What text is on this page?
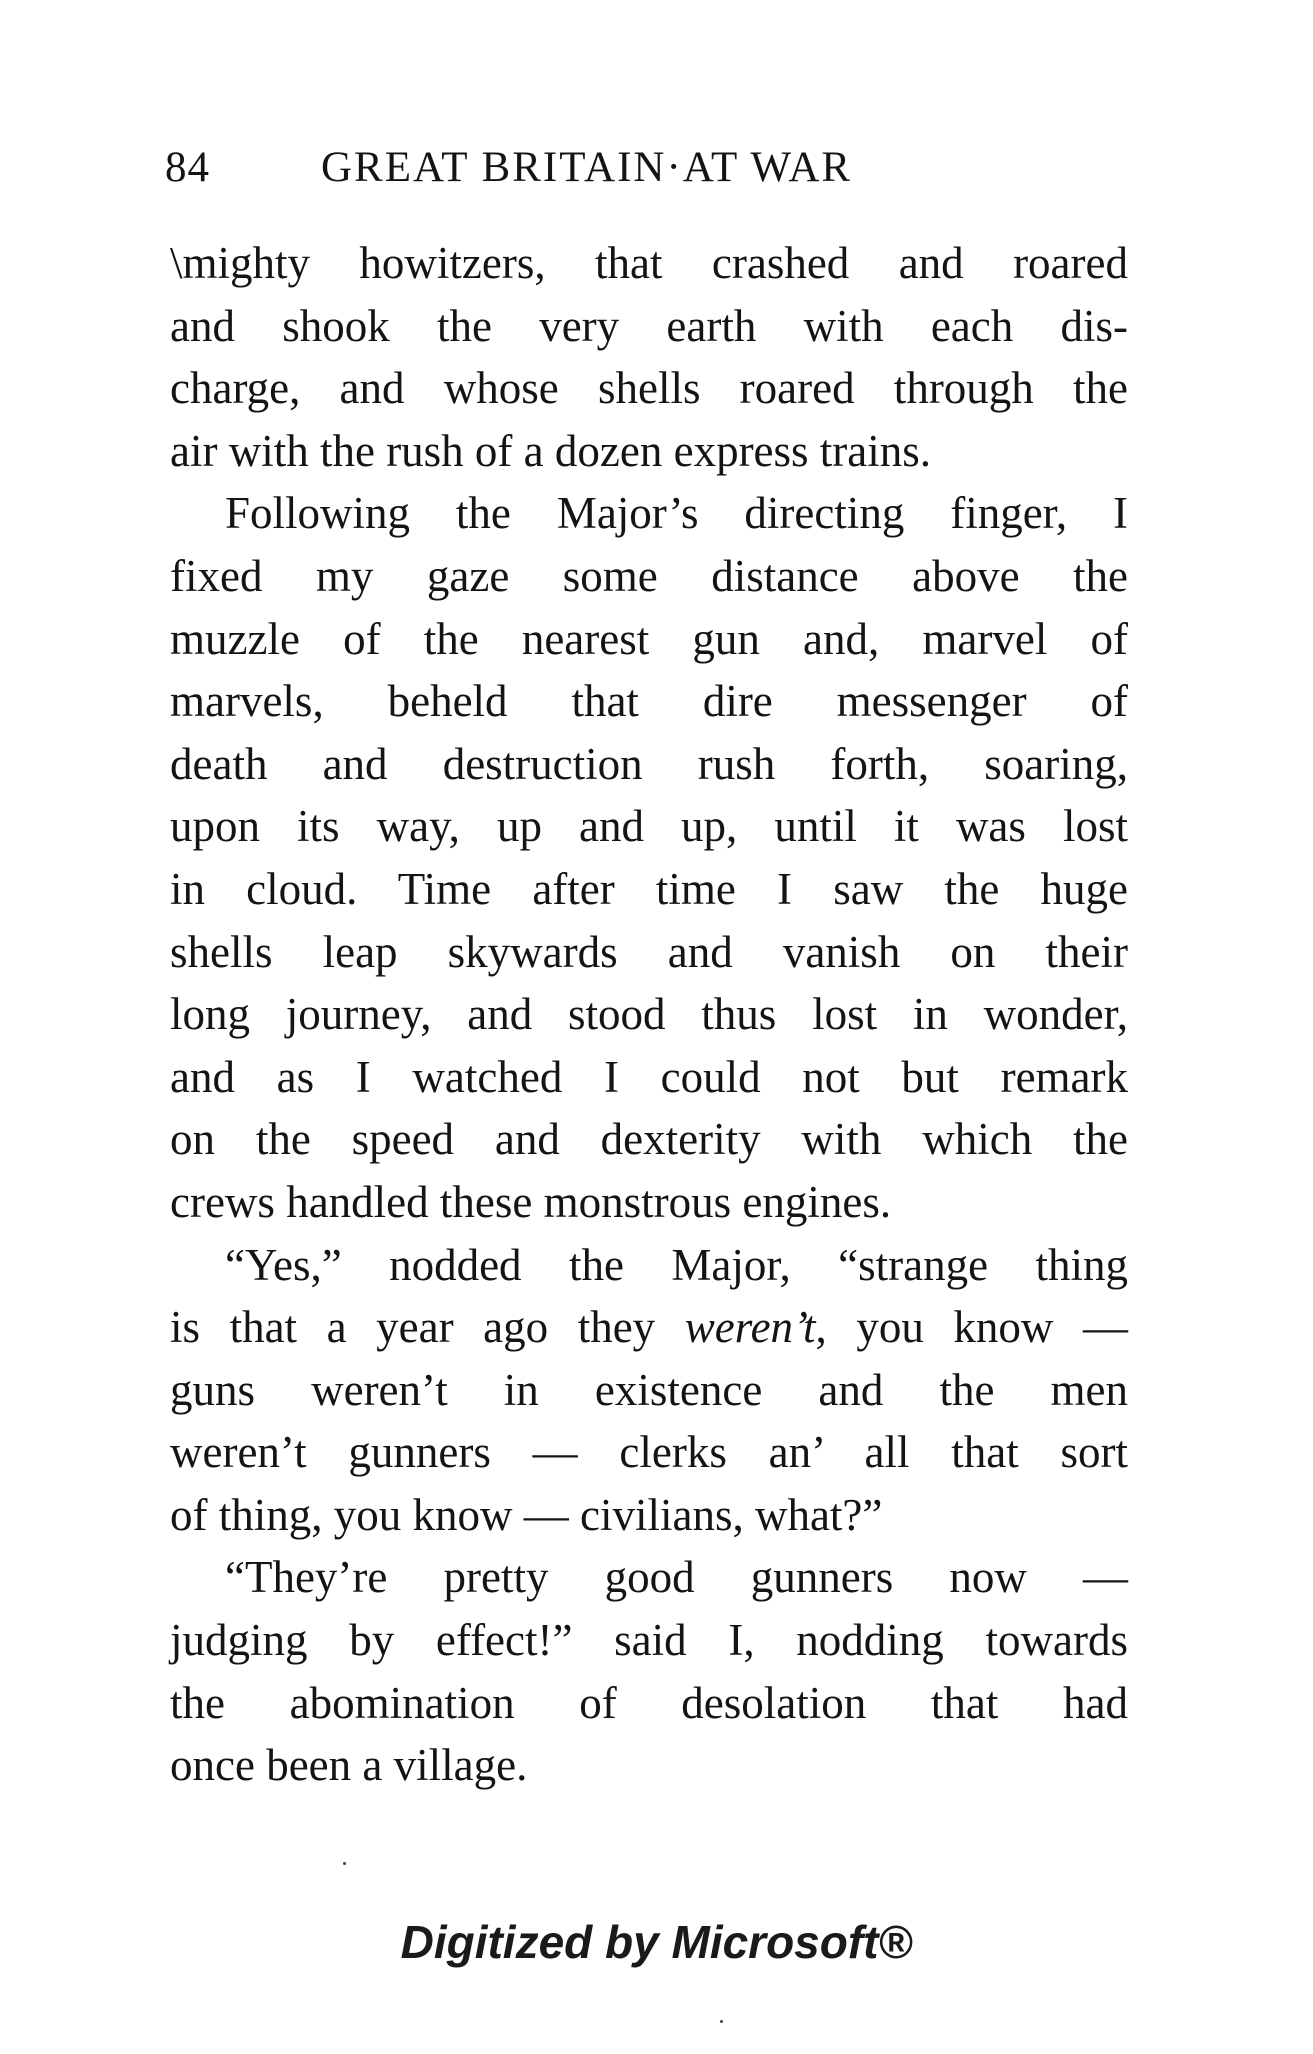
84	GREAT BRITAIN·AT WAR
\mighty howitzers, that crashed and roared
and shook the very earth with each dis-
charge, and whose shells roared through the
air with the rush of a dozen express trains.
Following the Major’s directing finger, I
fixed my gaze some distance above the
muzzle of the nearest gun and, marvel of
marvels, beheld that dire messenger of
death and destruction rush forth, soaring,
upon its way, up and up, until it was lost
in cloud. Time after time I saw the huge
shells leap skywards and vanish on their
long journey, and stood thus lost in wonder,
and as I watched I could not but remark
on the speed and dexterity with which the
crews handled these monstrous engines.
“Yes,” nodded the Major, “strange thing
is that a year ago they weren’t, you know —
guns weren’t in existence and the men
weren’t gunners — clerks an’ all that sort
of thing, you know — civilians, what?”
“They’re pretty good gunners now —
judging by effect!” said I, nodding towards
the abomination of desolation that had
once been a village.
Digitized by Microsoft®
